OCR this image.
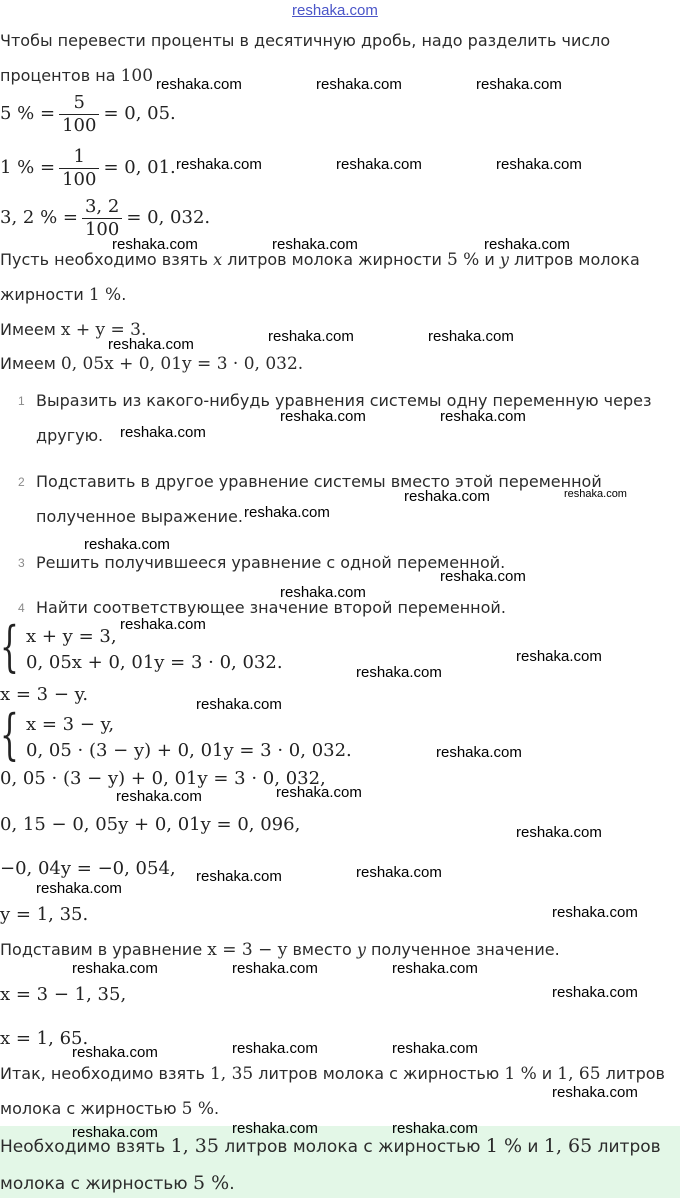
reshaka.com
Чтобы перевести проценты в десятичную дробь, надо разделить число
процентов на 100
5 % = $\frac{5}{100} = 0$, 05.
1 % = $\frac{1}{100} = 0$, 01.
3, 2 % = $\frac{3, 2}{100} = 0$, 032.
Пусть необходимо взять x литров молока жирности 5 % и y литров молока
жирности 1 %.
Имеем x + y = 3.
Имеем 0, 05x + 0, 01y = 3 · 0, 032.
1 Выразить из какого-нибудь уравнения системы одну переменную через
другую.
2 Подставить в другое уравнение системы вместо этой переменной
полученное выражение.
3 Решить получившееся уравнение с одной переменной.
4 Найти соответствующее значение второй переменной.
{ x + y = 3,
0, 05x + 0, 01y = 3 · 0, 032.
x = 3 − y.
{ x = 3 − y,
0, 05 · (3 − y) + 0, 01y = 3 · 0, 032.
0, 05 · (3 − y) + 0, 01y = 3 · 0, 032,
0, 15 − 0, 05y + 0, 01y = 0, 096,
−0, 04y = −0, 054,
y = 1, 35.
Подставим в уравнение x = 3 − y вместо y полученное значение.
x = 3 − 1, 35,
x = 1, 65.
Итак, необходимо взять 1, 35 литров молока с жирностью 1 % и 1, 65 литров
молока с жирностью 5 %.
Необходимо взять 1, 35 литров молока с жирностью 1 % и 1, 65 литров
молока с жирностью 5 %.
reshaka.com	reshaka.com	reshaka.com
reshaka.com	reshaka.com	reshaka.com
reshaka.com	reshaka.com	reshaka.com
reshaka.com	reshaka.com
reshaka.com
reshaka.com	reshaka.com
reshaka.com
reshaka.com	reshaka.com
reshaka.com
reshaka.com
reshaka.com
reshaka.com
reshaka.com
reshaka.com
reshaka.com
reshaka.com
reshaka.com
reshaka.com
reshaka.com
reshaka.com
reshaka.com
reshaka.com
reshaka.com
reshaka.com
reshaka.com	reshaka.com	reshaka.com
reshaka.com
reshaka.com	reshaka.com
reshaka.com
reshaka.com
reshaka.com	reshaka.com
reshaka.com
